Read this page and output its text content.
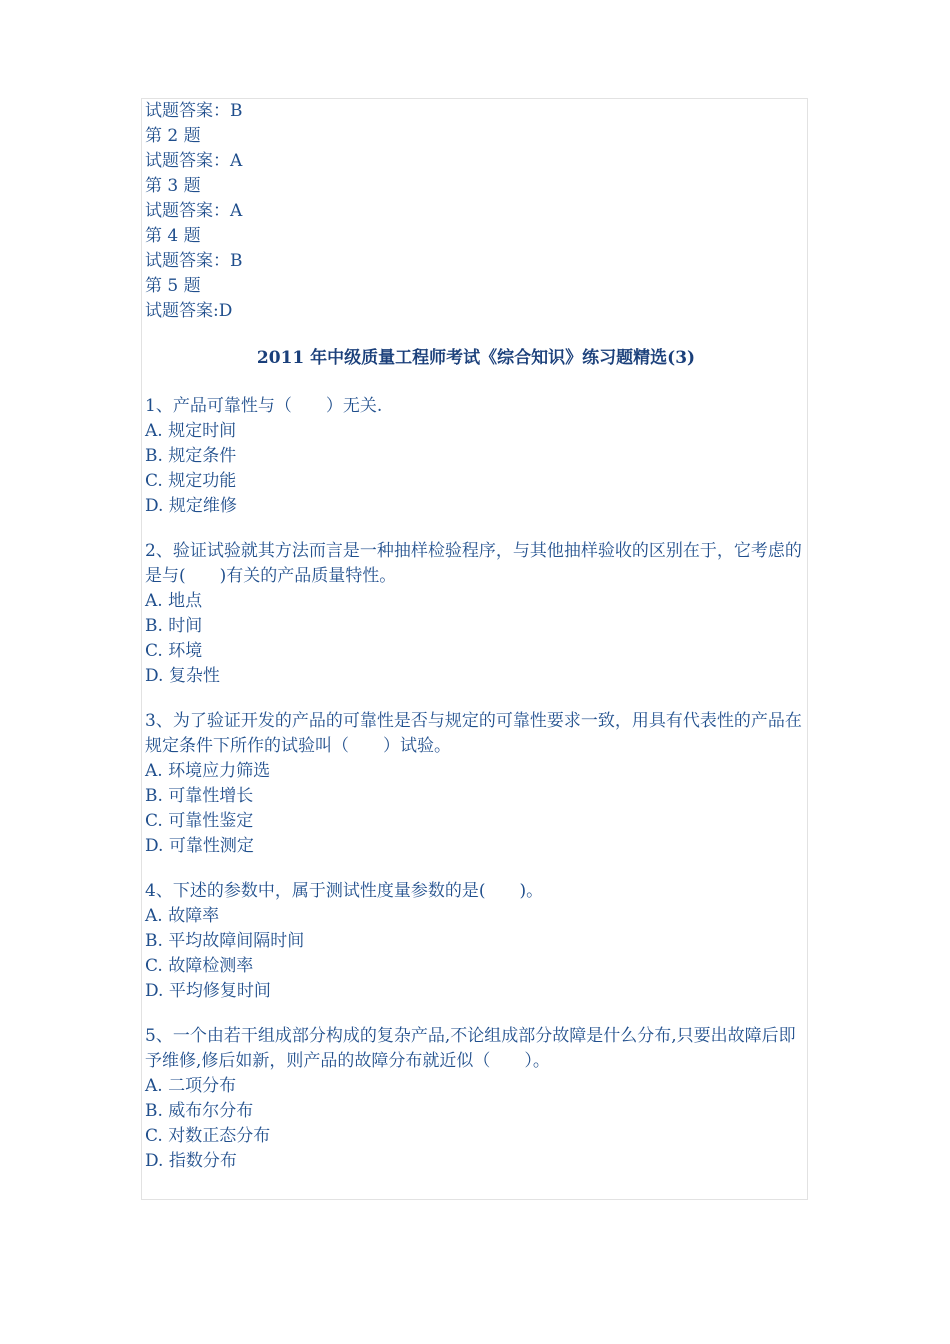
试题答案：B
第 2 题
试题答案：A
第 3 题
试题答案：A
第 4 题
试题答案：B
第 5 题
试题答案:D
2011 年中级质量工程师考试《综合知识》练习题精选(3)
1、产品可靠性与（　　）无关.
A. 规定时间
B. 规定条件
C. 规定功能
D. 规定维修
2、验证试验就其方法而言是一种抽样检验程序，与其他抽样验收的区别在于，它考虑的是与(　　)有关的产品质量特性。
A. 地点
B. 时间
C. 环境
D. 复杂性
3、为了验证开发的产品的可靠性是否与规定的可靠性要求一致，用具有代表性的产品在规定条件下所作的试验叫（　　）试验。
A. 环境应力筛选
B. 可靠性增长
C. 可靠性鉴定
D. 可靠性测定
4、下述的参数中，属于测试性度量参数的是(　　)。
A. 故障率
B. 平均故障间隔时间
C. 故障检测率
D. 平均修复时间
5、一个由若干组成部分构成的复杂产品,不论组成部分故障是什么分布,只要出故障后即予维修,修后如新，则产品的故障分布就近似（　　）。
A. 二项分布
B. 威布尔分布
C. 对数正态分布
D. 指数分布
